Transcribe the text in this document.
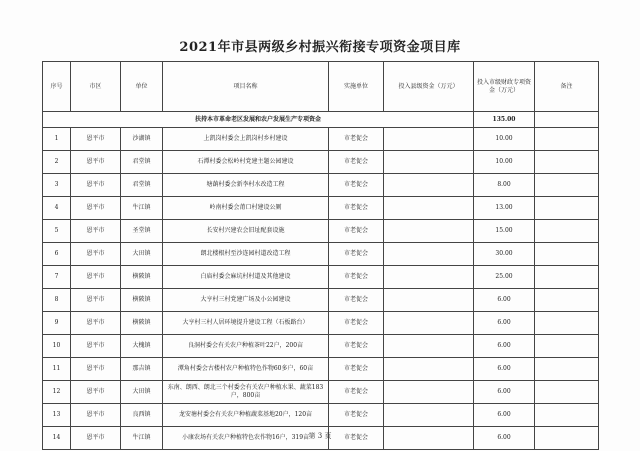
2021年市县两级乡村振兴衔接专项资金项目库
序号	市区	单位	项目名称	实施单位	投入县级资金（万元）	投入市级财政专项资金（万元）	备注
扶持本市革命老区发展和农户发展生产专项资金						135.00	
1	恩平市	沙湖镇	上凯岗村委会上凯岗村乡村建设	市老促会		10.00	
2	恩平市	君堂镇	石潭村委会松岭村党建主题公园建设	市老促会		10.00	
3	恩平市	君堂镇	塘蓢村委会新李村水改造工程	市老促会		8.00	
4	恩平市	牛江镇	岭南村委会莆口村建设公厕	市老促会		13.00	
5	恩平市	圣堂镇	长安村兴建农会旧址配套设施	市老促会		15.00	
6	恩平市	大田镇	朗北楼根村至沙连园村道改造工程	市老促会		30.00	
7	恩平市	横陂镇	白庙村委会麻坑村村道及其他建设	市老促会		25.00	
8	恩平市	横陂镇	大亨村三村党建广场及小公园建设	市老促会		6.00	
9	恩平市	横陂镇	大亨村三村人居环境提升建设工程（石板路台）	市老促会		6.00	
10	恩平市	大槐镇	良洞村委会有关农户种植茶叶22户，200亩	市老促会		6.00	
11	恩平市	那吉镇	潭角村委会古楼村农户种植特色作物60多户，60亩	市老促会		6.00	
12	恩平市	大田镇	东南、朗西、朗北三个村委会有关农户种植水果、蔬菜183户，800亩	市老促会		6.00	
13	恩平市	良西镇	龙安塘村委会有关农户种植蔬菜基地20户，120亩	市老促会		6.00	
14	恩平市	牛江镇	小康农场有关农户种植特色农作物16户，319亩	市老促会		6.00	
第 3 页
